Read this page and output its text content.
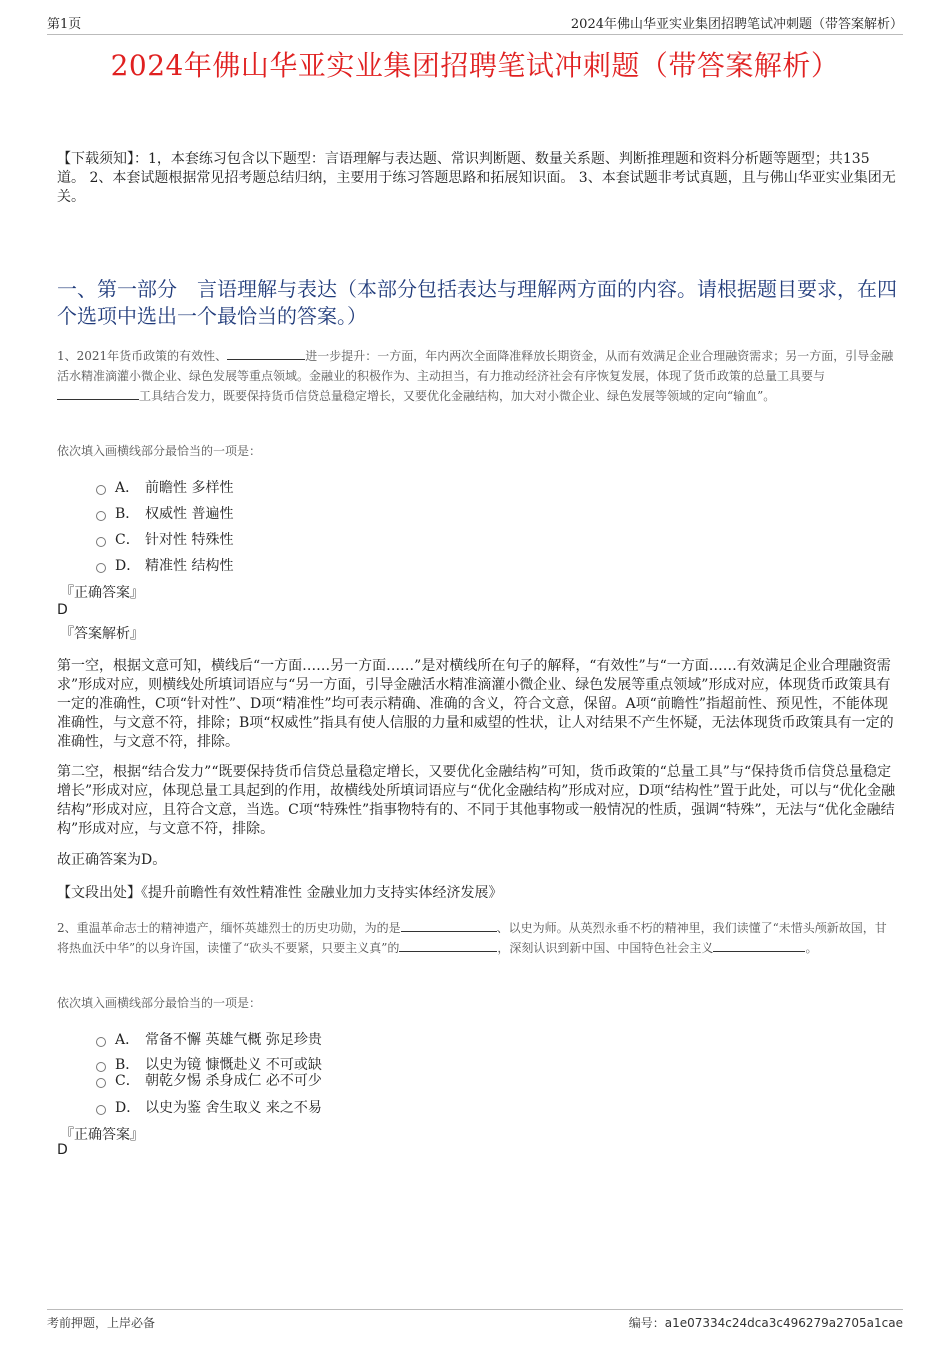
第1页	2024年佛山华亚实业集团招聘笔试冲刺题（带答案解析）
2024年佛山华亚实业集团招聘笔试冲刺题（带答案解析）
【下载须知】：1，本套练习包含以下题型：言语理解与表达题、常识判断题、数量关系题、判断推理题和资料分析题等题型；共135道。 2、本套试题根据常见招考题总结归纳，主要用于练习答题思路和拓展知识面。 3、本套试题非考试真题，且与佛山华亚实业集团无关。
一、第一部分　言语理解与表达（本部分包括表达与理解两方面的内容。请根据题目要求，在四个选项中选出一个最恰当的答案。）
1、2021年货币政策的有效性、	进一步提升：一方面，年内两次全面降准释放长期资金，从而有效满足企业合理融资需求；另一方面，引导金融活水精准滴灌小微企业、绿色发展等重点领域。金融业的积极作为、主动担当，有力推动经济社会有序恢复发展，体现了货币政策的总量工具要与工具结合发力，既要保持货币信贷总量稳定增长，又要优化金融结构，加大对小微企业、绿色发展等领域的定向“输血”。
依次填入画横线部分最恰当的一项是：
A． 前瞻性 多样性
B． 权威性 普遍性
C． 针对性 特殊性
D． 精准性 结构性
『正确答案』
D
『答案解析』
第一空，根据文意可知，横线后“一方面……另一方面……”是对横线所在句子的解释，“有效性”与“一方面……有效满足企业合理融资需求”形成对应，则横线处所填词语应与“另一方面，引导金融活水精准滴灌小微企业、绿色发展等重点领域”形成对应，体现货币政策具有一定的准确性，C项“针对性”、D项“精准性”均可表示精确、准确的含义，符合文意，保留。A项“前瞻性”指超前性、预见性，不能体现准确性，与文意不符，排除；B项“权威性”指具有使人信服的力量和威望的性状，让人对结果不产生怀疑，无法体现货币政策具有一定的准确性，与文意不符，排除。
第二空，根据“结合发力”“既要保持货币信贷总量稳定增长，又要优化金融结构”可知，货币政策的“总量工具”与“保持货币信贷总量稳定增长”形成对应，体现总量工具起到的作用，故横线处所填词语应与“优化金融结构”形成对应，D项“结构性”置于此处，可以与“优化金融结构”形成对应，且符合文意，当选。C项“特殊性”指事物特有的、不同于其他事物或一般情况的性质，强调“特殊”，无法与“优化金融结构”形成对应，与文意不符，排除。
故正确答案为D。
【文段出处】《提升前瞻性有效性精准性 金融业加力支持实体经济发展》
2、重温革命志士的精神遗产，缅怀英雄烈士的历史功勋，为的是	、以史为师。从英烈永垂不朽的精神里，我们读懂了“未惜头颅新故国，甘将热血沃中华”的以身许国，读懂了“砍头不要紧，只要主义真”的	，深刻认识到新中国、中国特色社会主义	。
依次填入画横线部分最恰当的一项是：
A． 常备不懈 英雄气概 弥足珍贵
B． 以史为镜 慷慨赴义 不可或缺
C． 朝乾夕惕 杀身成仁 必不可少
D． 以史为鉴 舍生取义 来之不易
『正确答案』
D
考前押题，上岸必备	编号：a1e07334c24dca3c496279a2705a1cae
